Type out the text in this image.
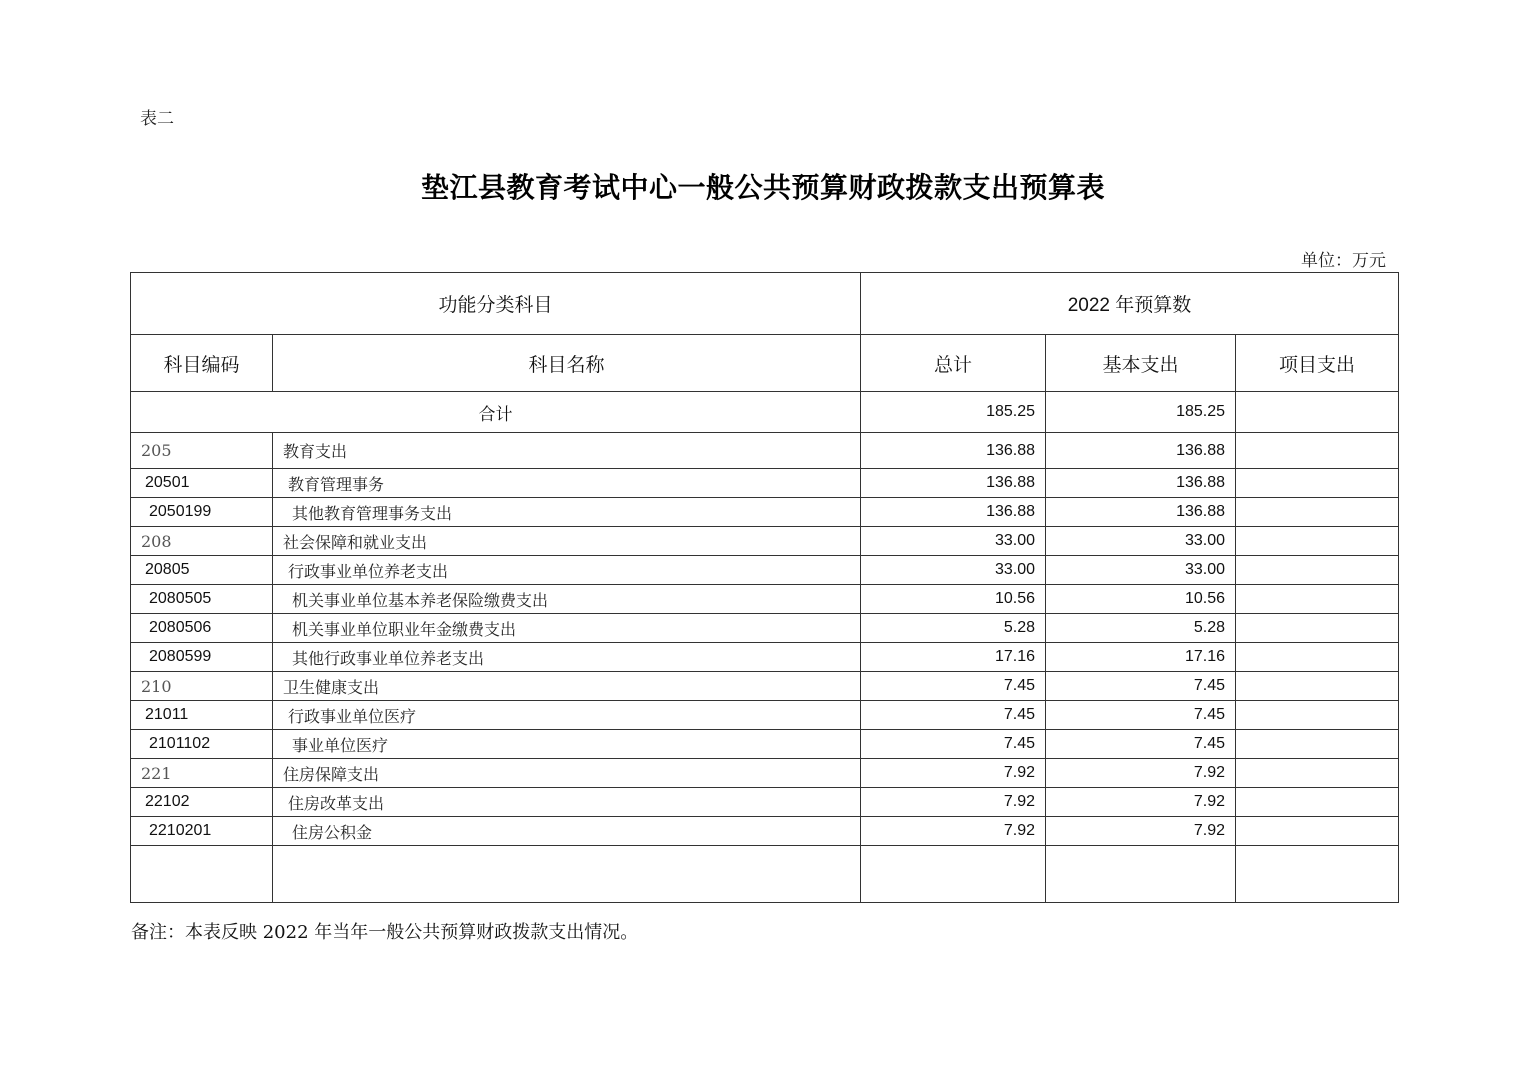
表二
垫江县教育考试中心一般公共预算财政拨款支出预算表
单位：万元
功能分类科目		2022 年预算数		
科目编码	科目名称	总计	基本支出	项目支出
合计		185.25	185.25	
205	教育支出	136.88	136.88	
20501	教育管理事务	136.88	136.88	
2050199	其他教育管理事务支出	136.88	136.88	
208	社会保障和就业支出	33.00	33.00	
20805	行政事业单位养老支出	33.00	33.00	
2080505	机关事业单位基本养老保险缴费支出	10.56	10.56	
2080506	机关事业单位职业年金缴费支出	5.28	5.28	
2080599	其他行政事业单位养老支出	17.16	17.16	
210	卫生健康支出	7.45	7.45	
21011	行政事业单位医疗	7.45	7.45	
2101102	事业单位医疗	7.45	7.45	
221	住房保障支出	7.92	7.92	
22102	住房改革支出	7.92	7.92	
2210201	住房公积金	7.92	7.92	

备注：本表反映 2022 年当年一般公共预算财政拨款支出情况。
